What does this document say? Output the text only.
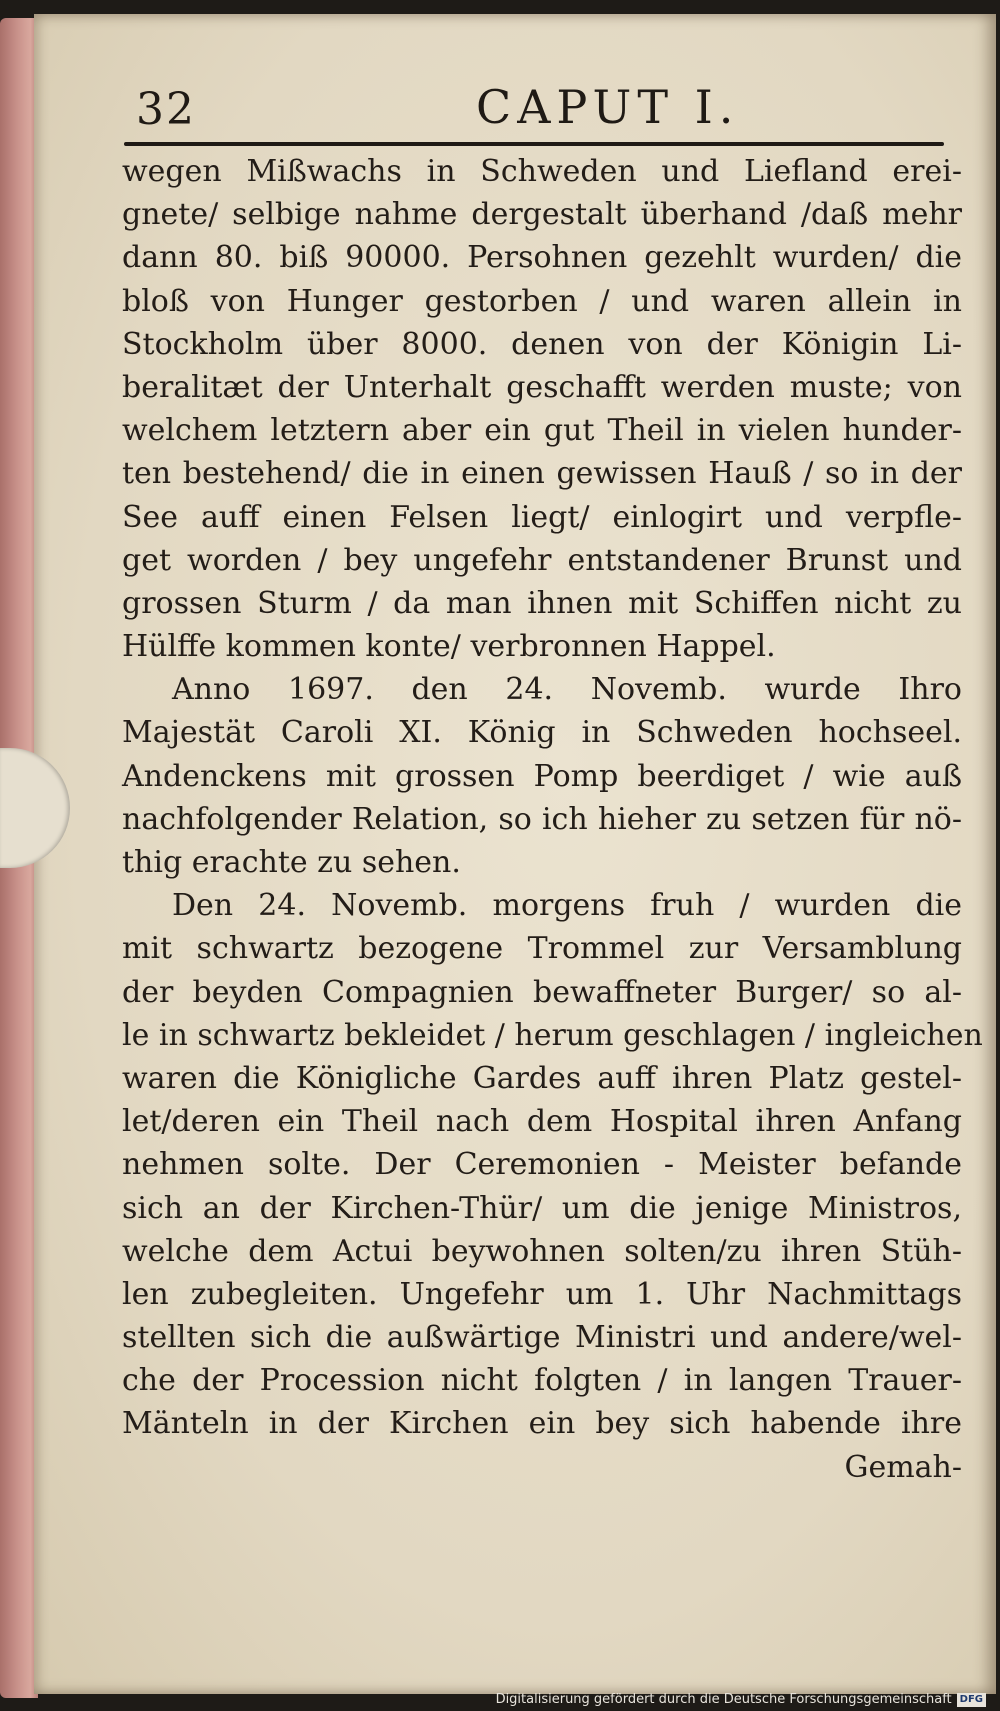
32	CAPUT I.
wegen Mißwachs in Schweden und Liefland erei-
gnete/ selbige nahme dergestalt überhand /daß mehr
dann 80. biß 90000. Persohnen gezehlt wurden/ die
bloß von Hunger gestorben / und waren allein in
Stockholm über 8000. denen von der Königin Li-
beralitæt der Unterhalt geschafft werden muste; von
welchem letztern aber ein gut Theil in vielen hunder-
ten bestehend/ die in einen gewissen Hauß / so in der
See auff einen Felsen liegt/ einlogirt und verpfle-
get worden / bey ungefehr entstandener Brunst und
grossen Sturm / da man ihnen mit Schiffen nicht zu
Hülffe kommen konte/ verbronnen Happel.
Anno 1697. den 24. Novemb. wurde Ihro
Majestät Caroli XI. König in Schweden hochseel.
Andenckens mit grossen Pomp beerdiget / wie auß
nachfolgender Relation, so ich hieher zu setzen für nö-
thig erachte zu sehen.
Den 24. Novemb. morgens fruh / wurden die
mit schwartz bezogene Trommel zur Versamblung
der beyden Compagnien bewaffneter Burger/ so al-
le in schwartz bekleidet / herum geschlagen / ingleichen
waren die Königliche Gardes auff ihren Platz gestel-
let/deren ein Theil nach dem Hospital ihren Anfang
nehmen solte. Der Ceremonien - Meister befande
sich an der Kirchen-Thür/ um die jenige Ministros,
welche dem Actui beywohnen solten/zu ihren Stüh-
len zubegleiten. Ungefehr um 1. Uhr Nachmittags
stellten sich die außwärtige Ministri und andere/wel-
che der Procession nicht folgten / in langen Trauer-
Mänteln in der Kirchen ein bey sich habende ihre
Gemah-
Digitalisierung gefördert durch die Deutsche Forschungsgemeinschaft DFG
